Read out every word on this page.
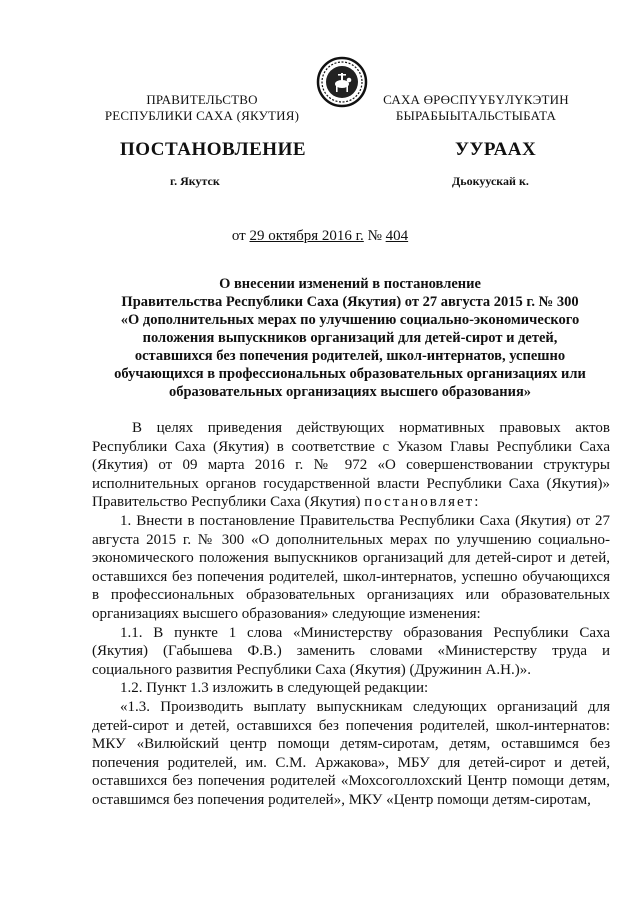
ПРАВИТЕЛЬСТВО
РЕСПУБЛИКИ САХА (ЯКУТИЯ)
САХА ӨРӨСПҮҮБҮЛҮКЭТИН
БЫРАБЫЫТАЛЬСТЫБАТА
ПОСТАНОВЛЕНИЕ	УУРААХ
г. Якутск	Дьокуускай к.
от 29 октября 2016 г. № 404
О внесении изменений в постановление
Правительства Республики Саха (Якутия) от 27 августа 2015 г. № 300
«О дополнительных мерах по улучшению социально-экономического
положения выпускников организаций для детей-сирот и детей,
оставшихся без попечения родителей, школ-интернатов, успешно
обучающихся в профессиональных образовательных организациях или
образовательных организациях высшего образования»

В целях приведения действующих нормативных правовых актов Республики Саха (Якутия) в соответствие с Указом Главы Республики Саха (Якутия) от 09 марта 2016 г. № 972 «О совершенствовании структуры исполнительных органов государственной власти Республики Саха (Якутия)» Правительство Республики Саха (Якутия) постановляет:

1. Внести в постановление Правительства Республики Саха (Якутия) от 27 августа 2015 г. № 300 «О дополнительных мерах по улучшению социально-экономического положения выпускников организаций для детей-сирот и детей, оставшихся без попечения родителей, школ-интернатов, успешно обучающихся в профессиональных образовательных организациях или образовательных организациях высшего образования» следующие изменения:

1.1. В пункте 1 слова «Министерству образования Республики Саха (Якутия) (Габышева Ф.В.) заменить словами «Министерству труда и социального развития Республики Саха (Якутия) (Дружинин А.Н.)».

1.2. Пункт 1.3 изложить в следующей редакции:

«1.3. Производить выплату выпускникам следующих организаций для детей-сирот и детей, оставшихся без попечения родителей, школ-интернатов: МКУ «Вилюйский центр помощи детям-сиротам, детям, оставшимся без попечения родителей, им. С.М. Аржакова», МБУ для детей-сирот и детей, оставшихся без попечения родителей «Мохсоголлохский Центр помощи детям, оставшимся без попечения родителей», МКУ «Центр помощи детям-сиротам,
